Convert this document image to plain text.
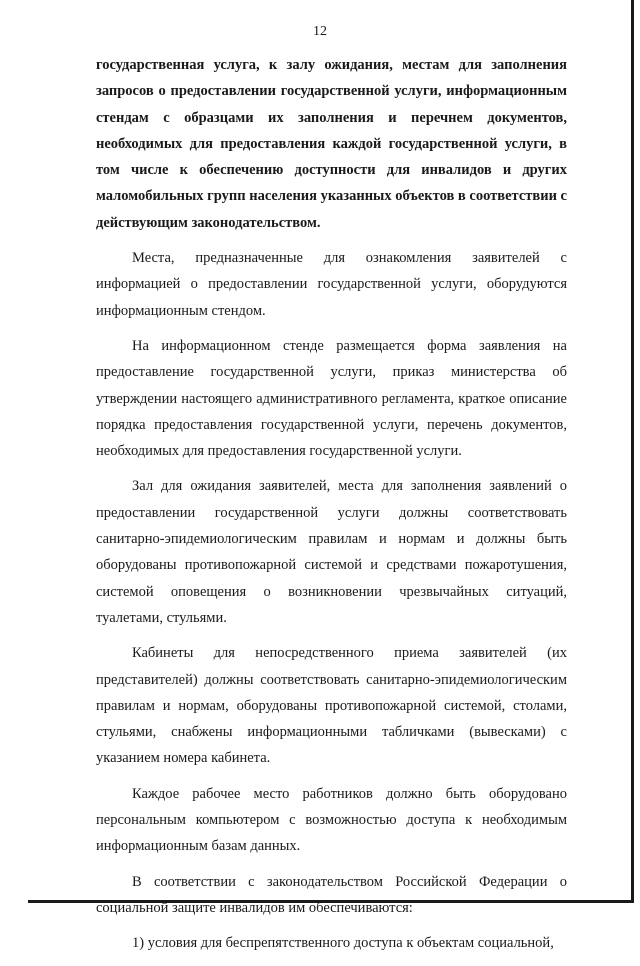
12

государственная услуга, к залу ожидания, местам для заполнения запросов о предоставлении государственной услуги, информационным стендам с образцами их заполнения и перечнем документов, необходимых для предоставления каждой государственной услуги, в том числе к обеспечению доступности для инвалидов и других маломобильных групп населения указанных объектов в соответствии с действующим законодательством.

Места, предназначенные для ознакомления заявителей с информацией о предоставлении государственной услуги, оборудуются информационным стендом.

На информационном стенде размещается форма заявления на предоставление государственной услуги, приказ министерства об утверждении настоящего административного регламента, краткое описание порядка предоставления государственной услуги, перечень документов, необходимых для предоставления государственной услуги.

Зал для ожидания заявителей, места для заполнения заявлений о предоставлении государственной услуги должны соответствовать санитарно-эпидемиологическим правилам и нормам и должны быть оборудованы противопожарной системой и средствами пожаротушения, системой оповещения о возникновении чрезвычайных ситуаций, туалетами, стульями.

Кабинеты для непосредственного приема заявителей (их представителей) должны соответствовать санитарно-эпидемиологическим правилам и нормам, оборудованы противопожарной системой, столами, стульями, снабжены информационными табличками (вывесками) с указанием номера кабинета.

Каждое рабочее место работников должно быть оборудовано персональным компьютером с возможностью доступа к необходимым информационным базам данных.

В соответствии с законодательством Российской Федерации о социальной защите инвалидов им обеспечиваются:

1) условия для беспрепятственного доступа к объектам социальной,
